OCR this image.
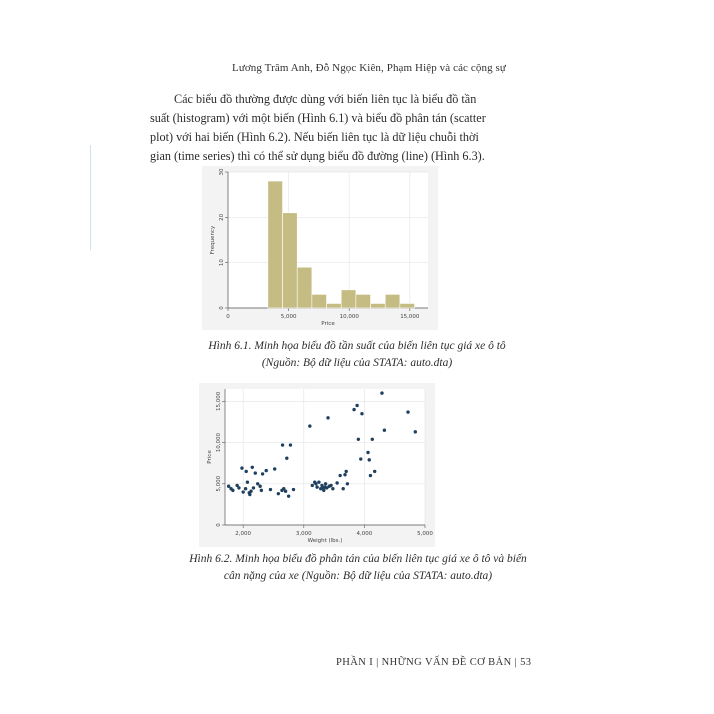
Lương Trâm Anh, Đỗ Ngọc Kiên, Phạm Hiệp và các cộng sự
Các biểu đồ thường được dùng với biến liên tục là biểu đồ tần
suất (histogram) với một biến (Hình 6.1) và biểu đồ phân tán (scatter
plot) với hai biến (Hình 6.2). Nếu biến liên tục là dữ liệu chuỗi thời
gian (time series) thì có thể sử dụng biểu đồ đường (line) (Hình 6.3).
0	5,000	10,000	15,000
0
10
20
30
Price
Frequency
Hình 6.1. Minh họa biểu đồ tần suất của biến liên tục giá xe ô tô
(Nguồn: Bộ dữ liệu của STATA: auto.dta)
2,000	3,000	4,000	5,000
0
5,000
10,000
15,000
Weight (lbs.)
Price
Hình 6.2. Minh họa biểu đồ phân tán của biến liên tục giá xe ô tô và biến
cân nặng của xe (Nguồn: Bộ dữ liệu của STATA: auto.dta)
PHẦN I | NHỮNG VẤN ĐỀ CƠ BẢN | 53
